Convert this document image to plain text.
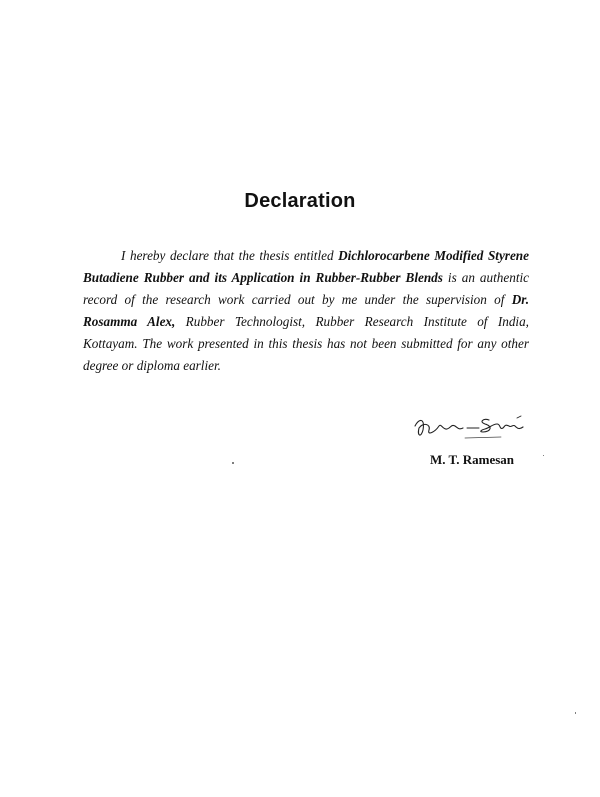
Declaration
I hereby declare that the thesis entitled Dichlorocarbene Modified Styrene Butadiene Rubber and its Application in Rubber-Rubber Blends is an authentic record of the research work carried out by me under the supervision of Dr. Rosamma Alex, Rubber Technologist, Rubber Research Institute of India, Kottayam. The work presented in this thesis has not been submitted for any other degree or diploma earlier.
M. T. Ramesan
